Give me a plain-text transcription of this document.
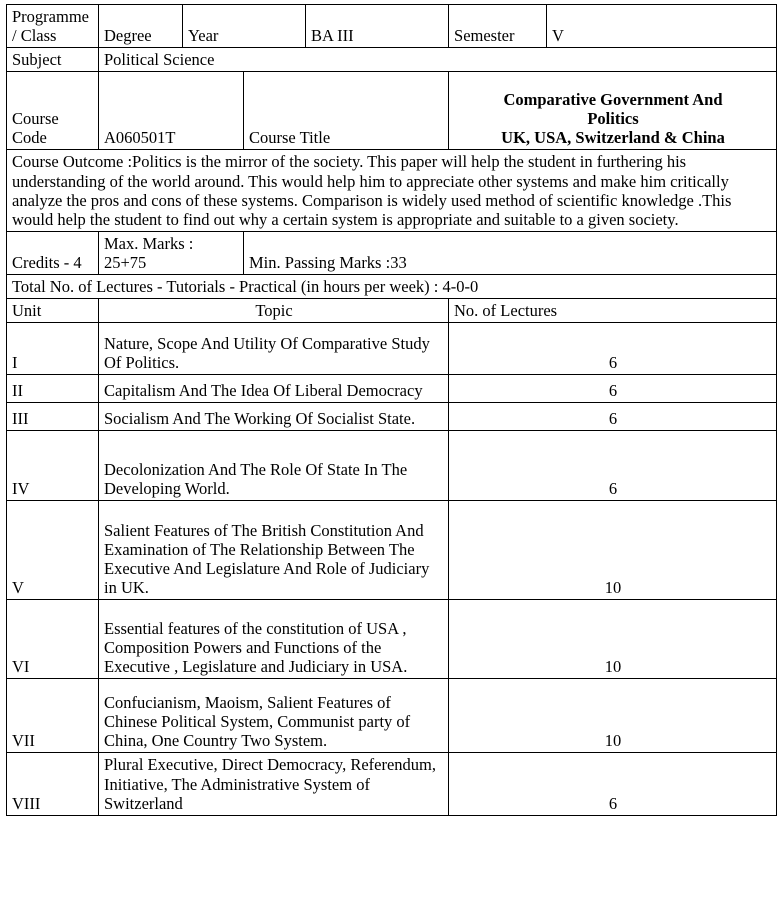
Programme / Class	Degree	Year		BA III	Semester	V
Subject	Political Science					
Course Code	A060501T		Course Title		Comparative Government And
Politics
UK, USA, Switzerland & China	

Course Outcome :Politics is the mirror of the society. This paper will help the student in furthering his understanding of the world around. This would help him to appreciate other systems and make him critically analyze the pros and cons of these systems. Comparison is widely used method of scientific knowledge .This would help the student to find out why a certain system is appropriate and suitable to a given society.						
Credits - 4	Max. Marks : 25+75		Min. Passing Marks :33			
Total No. of Lectures - Tutorials - Practical (in hours per week) : 4-0-0						
Unit	Topic				No. of Lectures	
I	Nature, Scope And Utility Of Comparative Study Of Politics.				6	
II	Capitalism And The Idea Of Liberal Democracy				6	
III	Socialism And The Working Of Socialist State.				6	
IV	Decolonization And The Role Of State In The Developing World.				6	
V	Salient Features of The British Constitution And Examination of The Relationship Between The Executive And Legislature And Role of Judiciary in UK.				10	
VI	Essential features of the constitution of USA , Composition Powers and Functions of the Executive , Legislature and Judiciary in USA.				10	
VII	Confucianism, Maoism, Salient Features of Chinese Political System, Communist party of China, One Country Two System.				10	
VIII	Plural Executive, Direct Democracy, Referendum, Initiative, The Administrative System of Switzerland				6	
